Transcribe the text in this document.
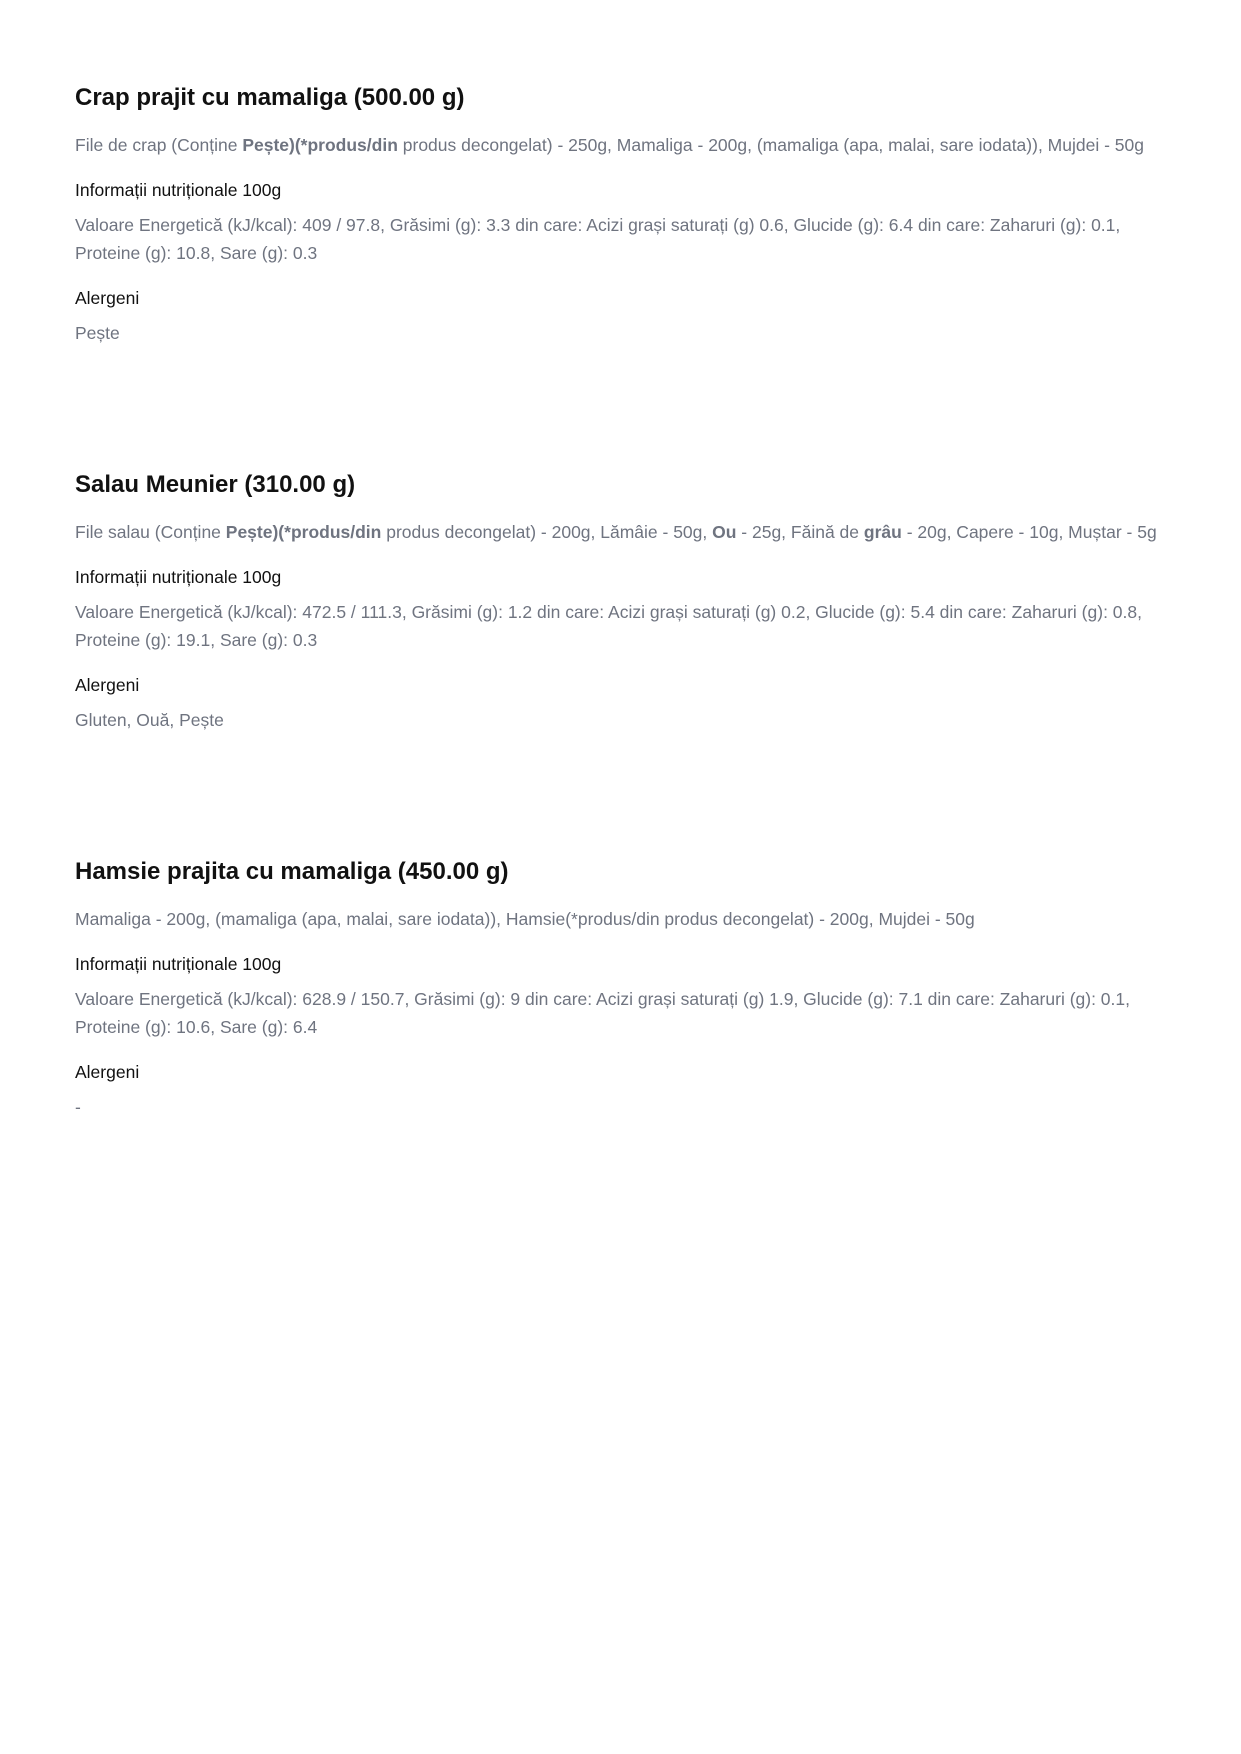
Crap prajit cu mamaliga (500.00 g)

File de crap (Conține Pește)(*produs/din produs decongelat) - 250g, Mamaliga - 200g, (mamaliga (apa, malai, sare iodata)), Mujdei - 50g

Informații nutriționale 100g

Valoare Energetică (kJ/kcal): 409 / 97.8, Grăsimi (g): 3.3 din care: Acizi grași saturați (g) 0.6, Glucide (g): 6.4 din care: Zaharuri (g): 0.1, Proteine (g): 10.8, Sare (g): 0.3

Alergeni

Pește

Salau Meunier (310.00 g)

File salau (Conține Pește)(*produs/din produs decongelat) - 200g, Lămâie - 50g, Ou - 25g, Făină de grâu - 20g, Capere - 10g, Muștar - 5g

Informații nutriționale 100g

Valoare Energetică (kJ/kcal): 472.5 / 111.3, Grăsimi (g): 1.2 din care: Acizi grași saturați (g) 0.2, Glucide (g): 5.4 din care: Zaharuri (g): 0.8, Proteine (g): 19.1, Sare (g): 0.3

Alergeni

Gluten, Ouă, Pește

Hamsie prajita cu mamaliga (450.00 g)

Mamaliga - 200g, (mamaliga (apa, malai, sare iodata)), Hamsie(*produs/din produs decongelat) - 200g, Mujdei - 50g

Informații nutriționale 100g

Valoare Energetică (kJ/kcal): 628.9 / 150.7, Grăsimi (g): 9 din care: Acizi grași saturați (g) 1.9, Glucide (g): 7.1 din care: Zaharuri (g): 0.1, Proteine (g): 10.6, Sare (g): 6.4

Alergeni

-
